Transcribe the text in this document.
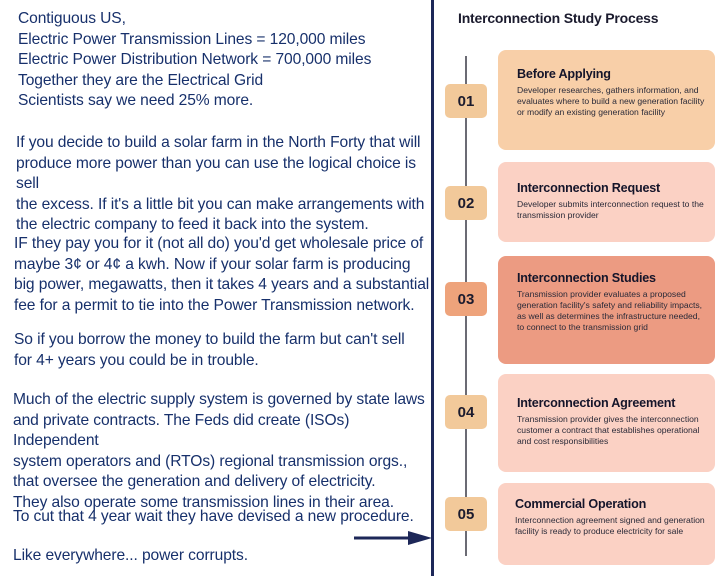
Contiguous US,
Electric Power Transmission Lines = 120,000 miles
Electric Power Distribution Network = 700,000 miles
Together they are the Electrical Grid
Scientists say we need 25% more.

If you decide to build a solar farm in the North Forty that will
produce more power than you can use the logical choice is sell
the excess. If it's a little bit you can make arrangements with
the electric company to feed it back into the system.

IF they pay you for it (not all do) you'd get wholesale price of
maybe 3¢ or 4¢ a kwh. Now if your solar farm is producing
big power, megawatts, then it takes 4 years and a substantial
fee for a permit to tie into the Power Transmission network.

So if you borrow the money to build the farm but can't sell
for 4+ years you could be in trouble.

Much of the electric supply system is governed by state laws
and private contracts. The Feds did create (ISOs) Independent
system operators and (RTOs) regional transmission orgs.,
that oversee the generation and delivery of electricity.
They also operate some transmission lines in their area.

To cut that 4 year wait they have devised a new procedure.

Like everywhere... power corrupts.

Interconnection Study Process
01
Before Applying
Developer researches, gathers information, and evaluates where to build a new generation facility or modify an existing generation facility
02
Interconnection Request
Developer submits interconnection request to the transmission provider
03
Interconnection Studies
Transmission provider evaluates a proposed generation facility's safety and reliability impacts, as well as determines the infrastructure needed, to connect to the transmission grid
04
Interconnection Agreement
Transmission provider gives the interconnection customer a contract that establishes operational and cost responsibilities
05
Commercial Operation
Interconnection agreement signed and generation facility is ready to produce electricity for sale
